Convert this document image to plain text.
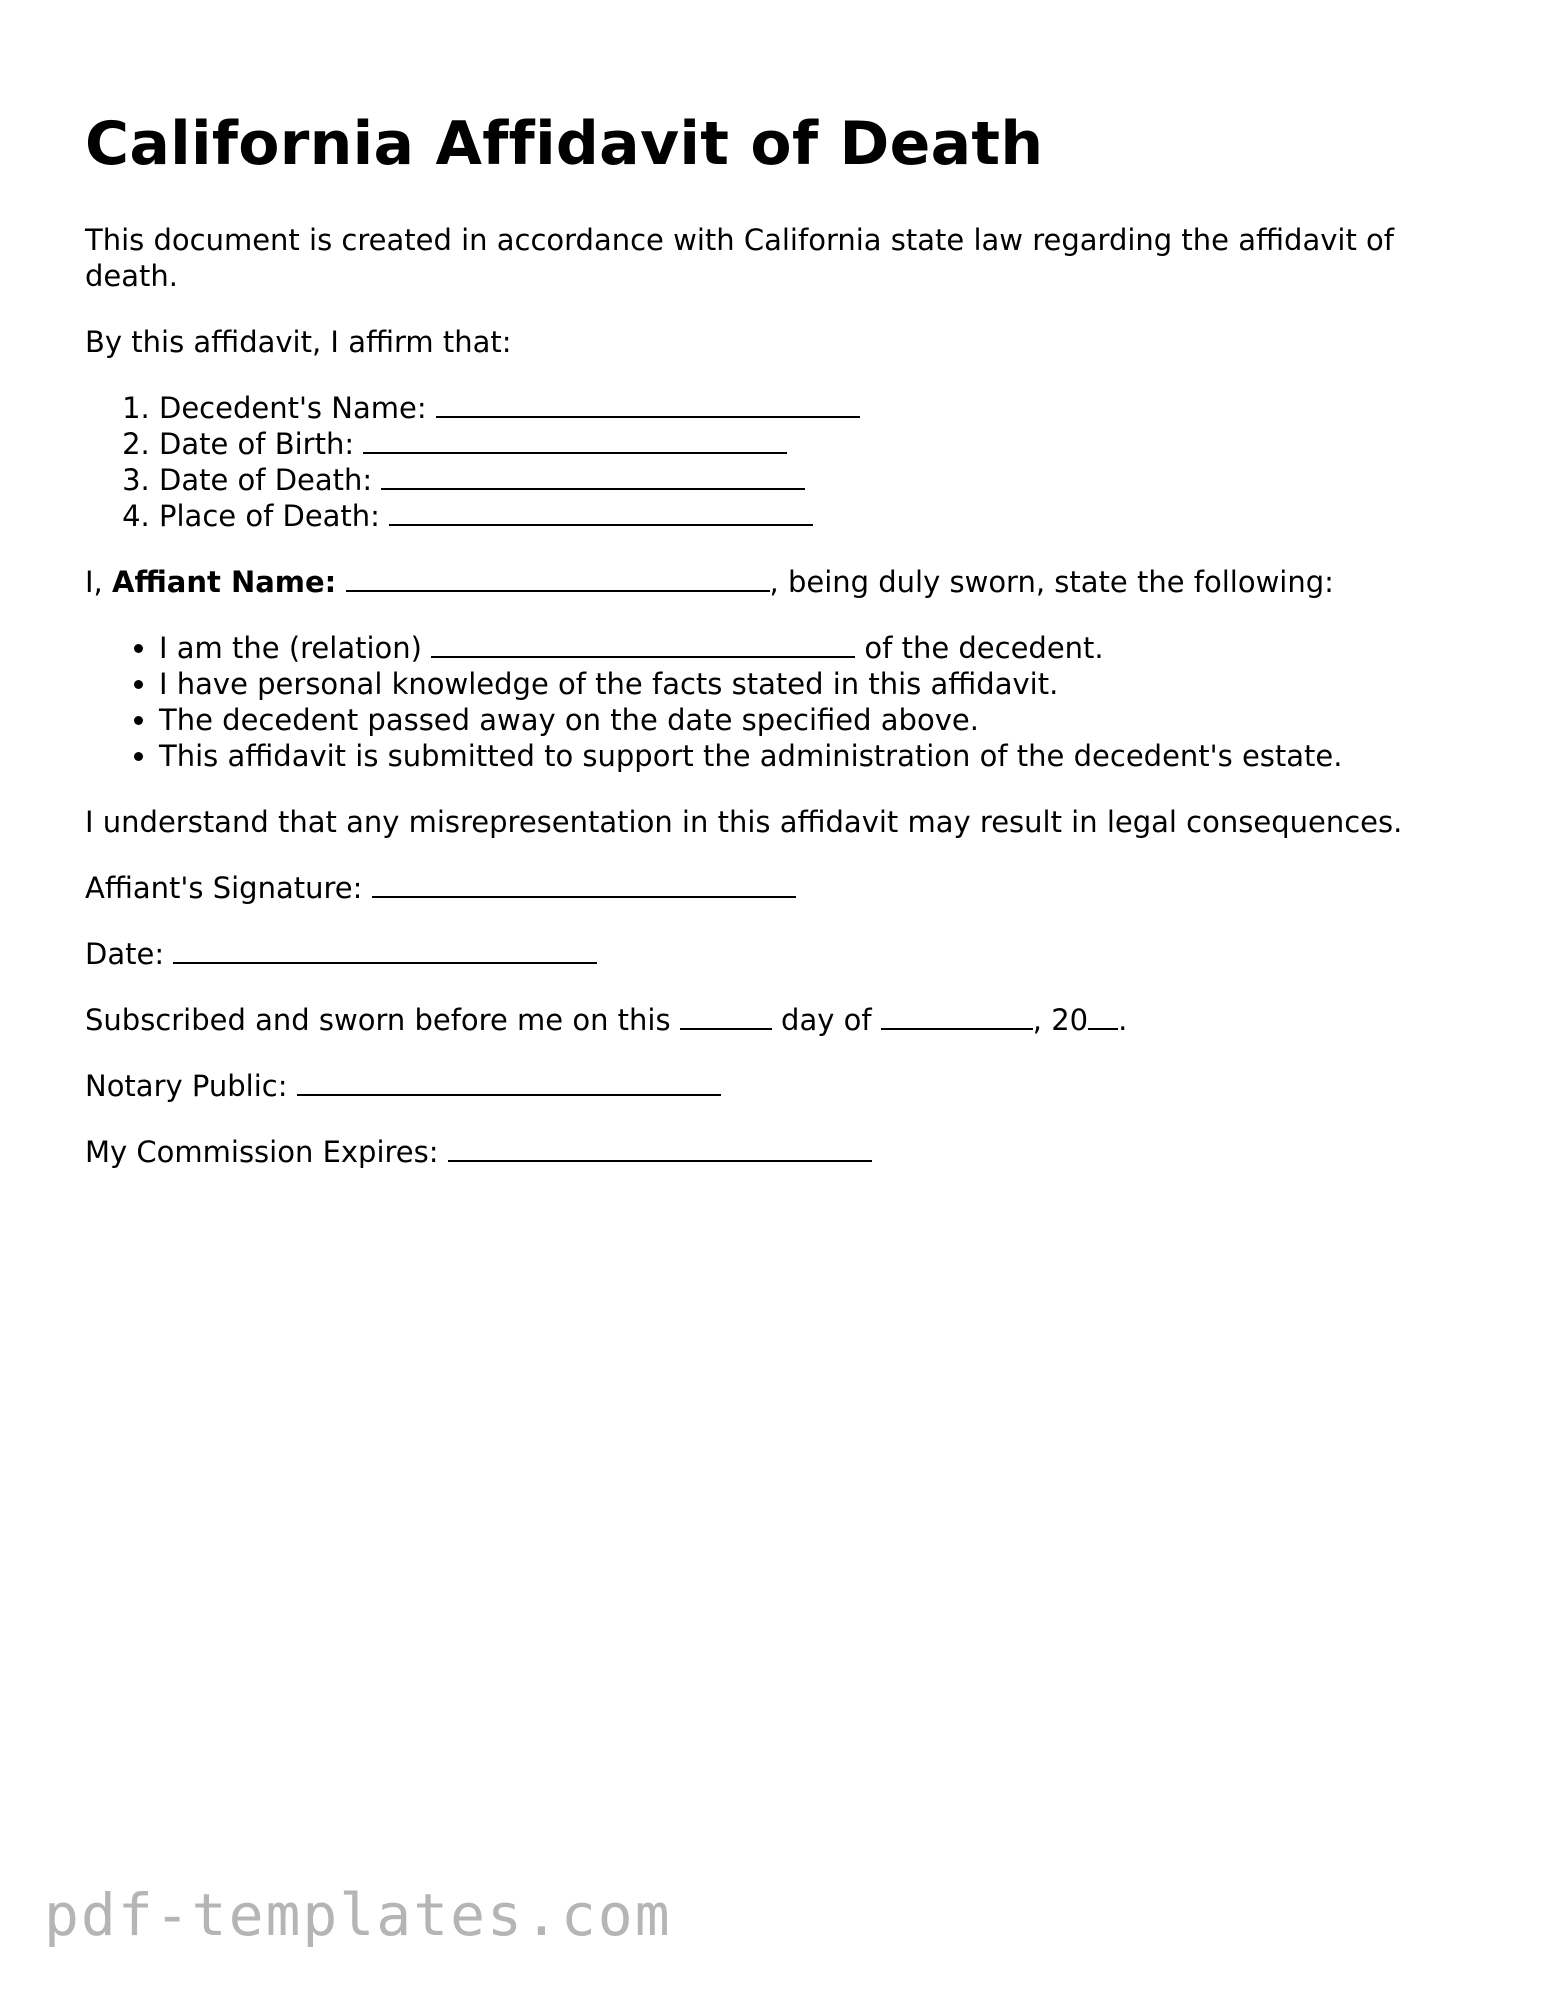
California Affidavit of Death

This document is created in accordance with California state law regarding the affidavit of death.

By this affidavit, I affirm that:

1. Decedent's Name:
2. Date of Birth:
3. Date of Death:
4. Place of Death:

I, Affiant Name:	, being duly sworn, state the following:

• I am the (relation)	of the decedent.
• I have personal knowledge of the facts stated in this affidavit.
• The decedent passed away on the date specified above.
• This affidavit is submitted to support the administration of the decedent's estate.

I understand that any misrepresentation in this affidavit may result in legal consequences.

Affiant's Signature:

Date:

Subscribed and sworn before me on this	day of	, 20 .

Notary Public:

My Commission Expires:

pdf-templates.com
